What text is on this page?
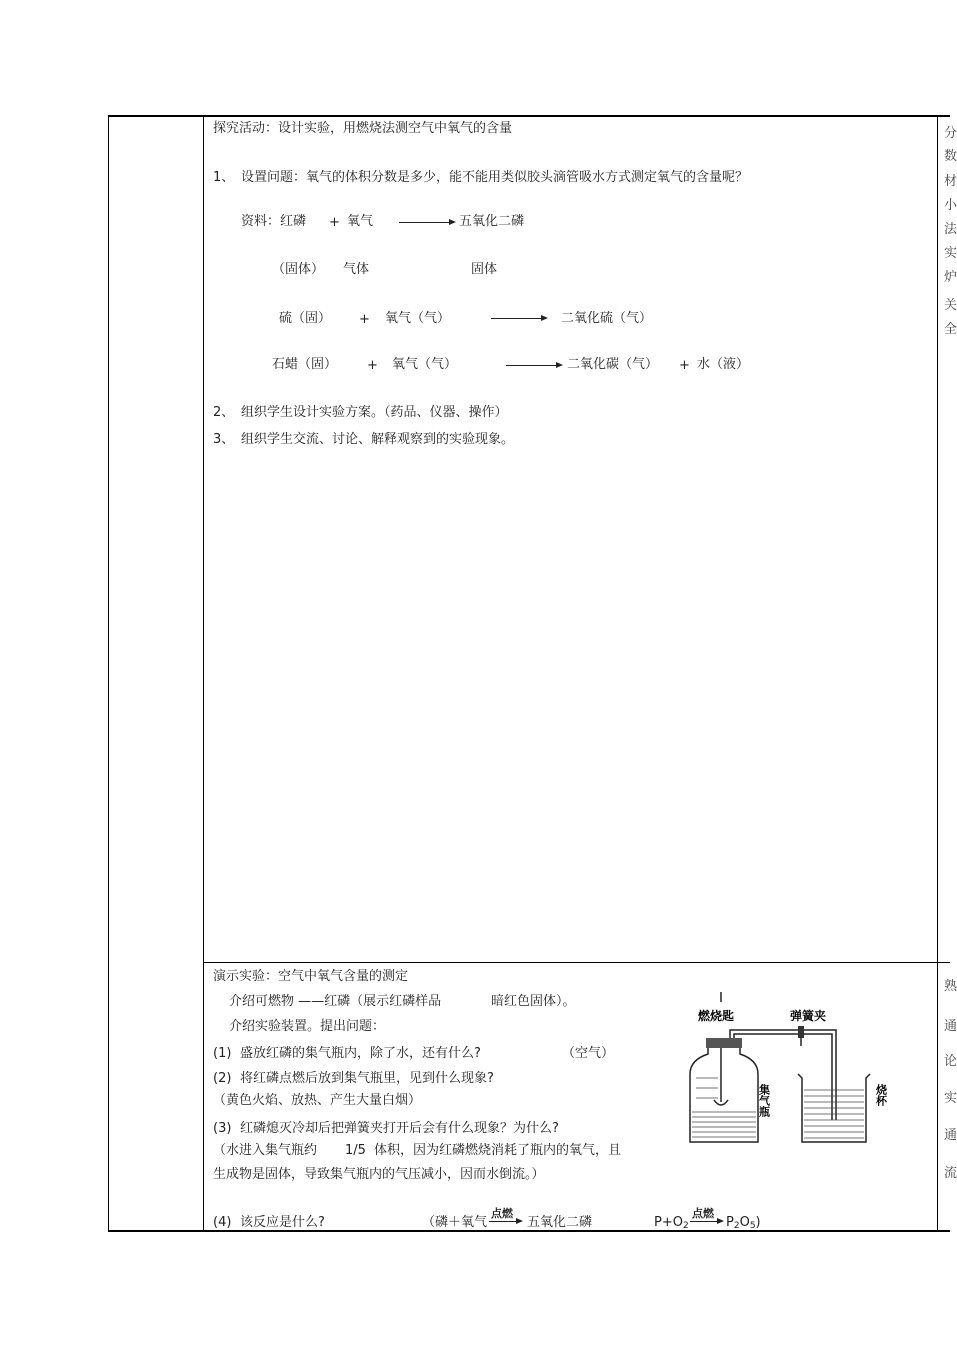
探究活动：设计实验，用燃烧法测空气中氧气的含量
1、 设置问题：氧气的体积分数是多少，能不能用类似胶头滴管吸水方式测定氧气的含量呢？
资料：红磷 + 氧气	五氧化二磷
（固体） 气体	固体
硫（固） + 氧气（气）	二氧化硫（气）
石蜡（固） + 氧气（气）	二氧化碳（气） + 水（液）
2、 组织学生设计实验方案。（药品、仪器、操作）
3、 组织学生交流、讨论、解释观察到的实验现象。
演示实验：空气中氧气含量的测定
介绍可燃物 ——红磷（展示红磷样品	暗红色固体）。
介绍实验装置。提出问题：
(1) 盛放红磷的集气瓶内，除了水，还有什么?	（空气）
(2) 将红磷点燃后放到集气瓶里，见到什么现象?
（黄色火焰、放热、产生大量白烟）
(3) 红磷熄灭冷却后把弹簧夹打开后会有什么现象？为什么?
（水进入集气瓶约 1/5 体积，因为红磷燃烧消耗了瓶内的氧气，且
生成物是固体，导致集气瓶内的气压减小，因而水倒流。）
(4) 该反应是什么?	（磷＋氧气
点燃
→ 五氧化二磷	$P+O_2$
点燃
→ $P_2O_5$)
燃烧匙	弹簧夹
集气瓶	烧杯
分
数
材
小
法
实
炉
关
全
熟
通
论
实
通
流
